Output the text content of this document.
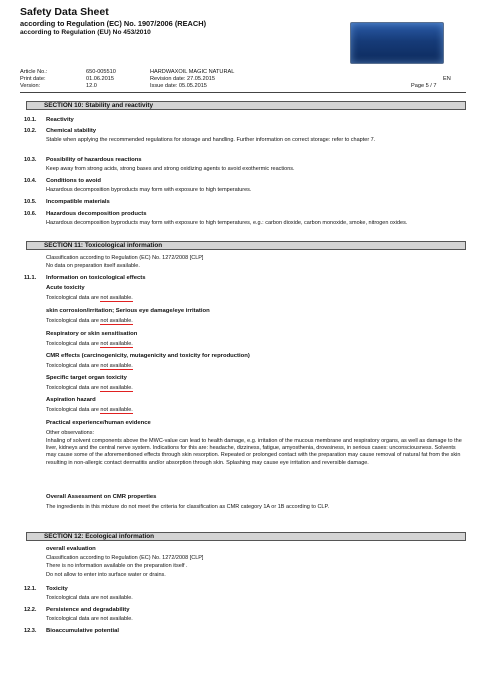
Safety Data Sheet
according to Regulation (EC) No. 1907/2006 (REACH)
according to Regulation (EU) No 453/2010
Article No.:
Print date:
Version:
650-005510
01.06.2015
12.0
HARDWAXOIL MAGIC NATURAL
Revision date: 27.05.2015
Issue date: 05.05.2015
EN
Page 5 / 7
SECTION 10: Stability and reactivity
10.1. Reactivity
10.2. Chemical stability
Stable when applying the recommended regulations for storage and handling. Further information on correct storage: refer to chapter 7.
10.3. Possibility of hazardous reactions
Keep away from strong acids, strong bases and strong oxidizing agents to avoid exothermic reactions.
10.4. Conditions to avoid
Hazardous decomposition byproducts may form with exposure to high temperatures.
10.5. Incompatible materials
10.6. Hazardous decomposition products
Hazardous decomposition byproducts may form with exposure to high temperatures, e.g.: carbon dioxide, carbon monoxide, smoke, nitrogen oxides.
SECTION 11: Toxicological information
Classification according to Regulation (EC) No. 1272/2008 [CLP]
No data on preparation itself available.
11.1. Information on toxicological effects
Acute toxicity
Toxicological data are not available.
skin corrosion/irritation; Serious eye damage/eye irritation
Toxicological data are not available.
Respiratory or skin sensitisation
Toxicological data are not available.
CMR effects (carcinogenicity, mutagenicity and toxicity for reproduction)
Toxicological data are not available.
Specific target organ toxicity
Toxicological data are not available.
Aspiration hazard
Toxicological data are not available.
Practical experience/human evidence
Other observations:
Inhaling of solvent components above the MWC-value can lead to health damage, e.g. irritation of the mucous membrane and respiratory organs, as well as damage to the liver, kidneys and the central nerve system. Indications for this are: headache, dizziness, fatigue, amyosthenia, drowsiness, in serious cases: unconsciousness. Solvents may cause some of the aforementioned effects through skin resorption. Repeated or prolonged contact with the preparation may cause removal of natural fat from the skin resulting in non-allergic contact dermatitis and/or absorption through skin. Splashing may cause eye irritation and reversible damage.
Overall Assessment on CMR properties
The ingredients in this mixture do not meet the criteria for classification as CMR category 1A or 1B according to CLP.
SECTION 12: Ecological information
overall evaluation
Classification according to Regulation (EC) No. 1272/2008 [CLP]
There is no information available on the preparation itself .
Do not allow to enter into surface water or drains.
12.1. Toxicity
Toxicological data are not available.
12.2. Persistence and degradability
Toxicological data are not available.
12.3. Bioaccumulative potential
